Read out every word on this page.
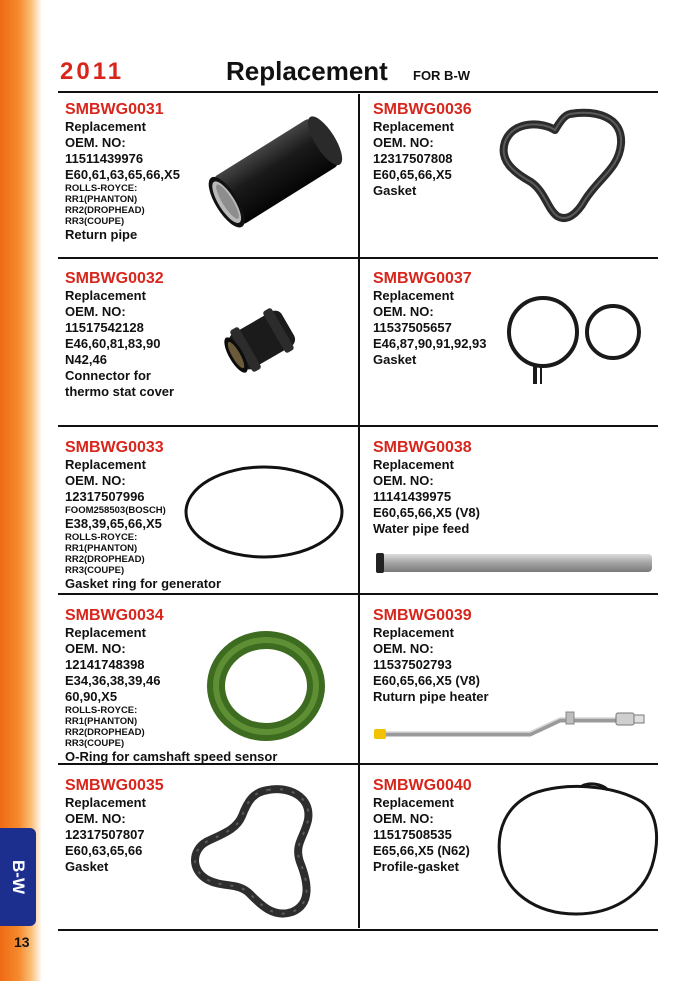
B-W
13
2011	Replacement FOR B-W
SMBWG0031
Replacement
OEM. NO:
11511439976
E60,61,63,65,66,X5
ROLLS-ROYCE:
RR1(PHANTON)
RR2(DROPHEAD)
RR3(COUPE)
Return pipe
SMBWG0036
Replacement
OEM. NO:
12317507808
E60,65,66,X5
Gasket
SMBWG0032
Replacement
OEM. NO:
11517542128
E46,60,81,83,90
N42,46
Connector for
thermo stat cover
SMBWG0037
Replacement
OEM. NO:
11537505657
E46,87,90,91,92,93
Gasket
SMBWG0033
Replacement
OEM. NO:
12317507996
FOOM258503(BOSCH)
E38,39,65,66,X5
ROLLS-ROYCE:
RR1(PHANTON)
RR2(DROPHEAD)
RR3(COUPE)
Gasket ring for generator
SMBWG0038
Replacement
OEM. NO:
11141439975
E60,65,66,X5 (V8)
Water pipe feed
SMBWG0034
Replacement
OEM. NO:
12141748398
E34,36,38,39,46
60,90,X5
ROLLS-ROYCE:
RR1(PHANTON)
RR2(DROPHEAD)
RR3(COUPE)
O-Ring for camshaft speed sensor
SMBWG0039
Replacement
OEM. NO:
11537502793
E60,65,66,X5 (V8)
Ruturn pipe heater
SMBWG0035
Replacement
OEM. NO:
12317507807
E60,63,65,66
Gasket
SMBWG0040
Replacement
OEM. NO:
11517508535
E65,66,X5 (N62)
Profile-gasket
